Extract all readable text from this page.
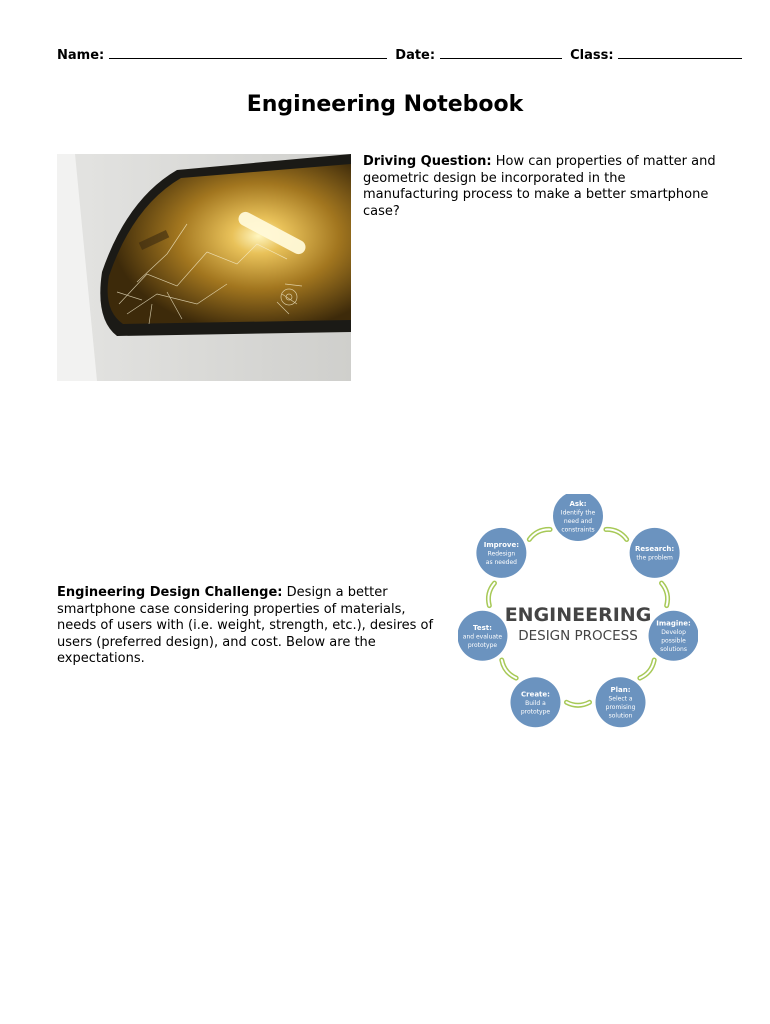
Name:	Date:	Class:
Engineering Notebook

Driving Question: How can properties of matter and geometric design be incorporated in the manufacturing process to make a better smartphone case?

Engineering Design Challenge: Design a better smartphone case considering properties of materials, needs of users with (i.e. weight, strength, etc.), desires of users (preferred design), and cost. Below are the expectations.

ENGINEERING
DESIGN PROCESS
Ask:
Identify the
need and
constraints
Research:
the problem
Imagine:
Develop
possible
solutions
Plan:
Select a
promising
solution
Create:
Build a
prototype
Test:
and evaluate
prototype
Improve:
Redesign
as needed
